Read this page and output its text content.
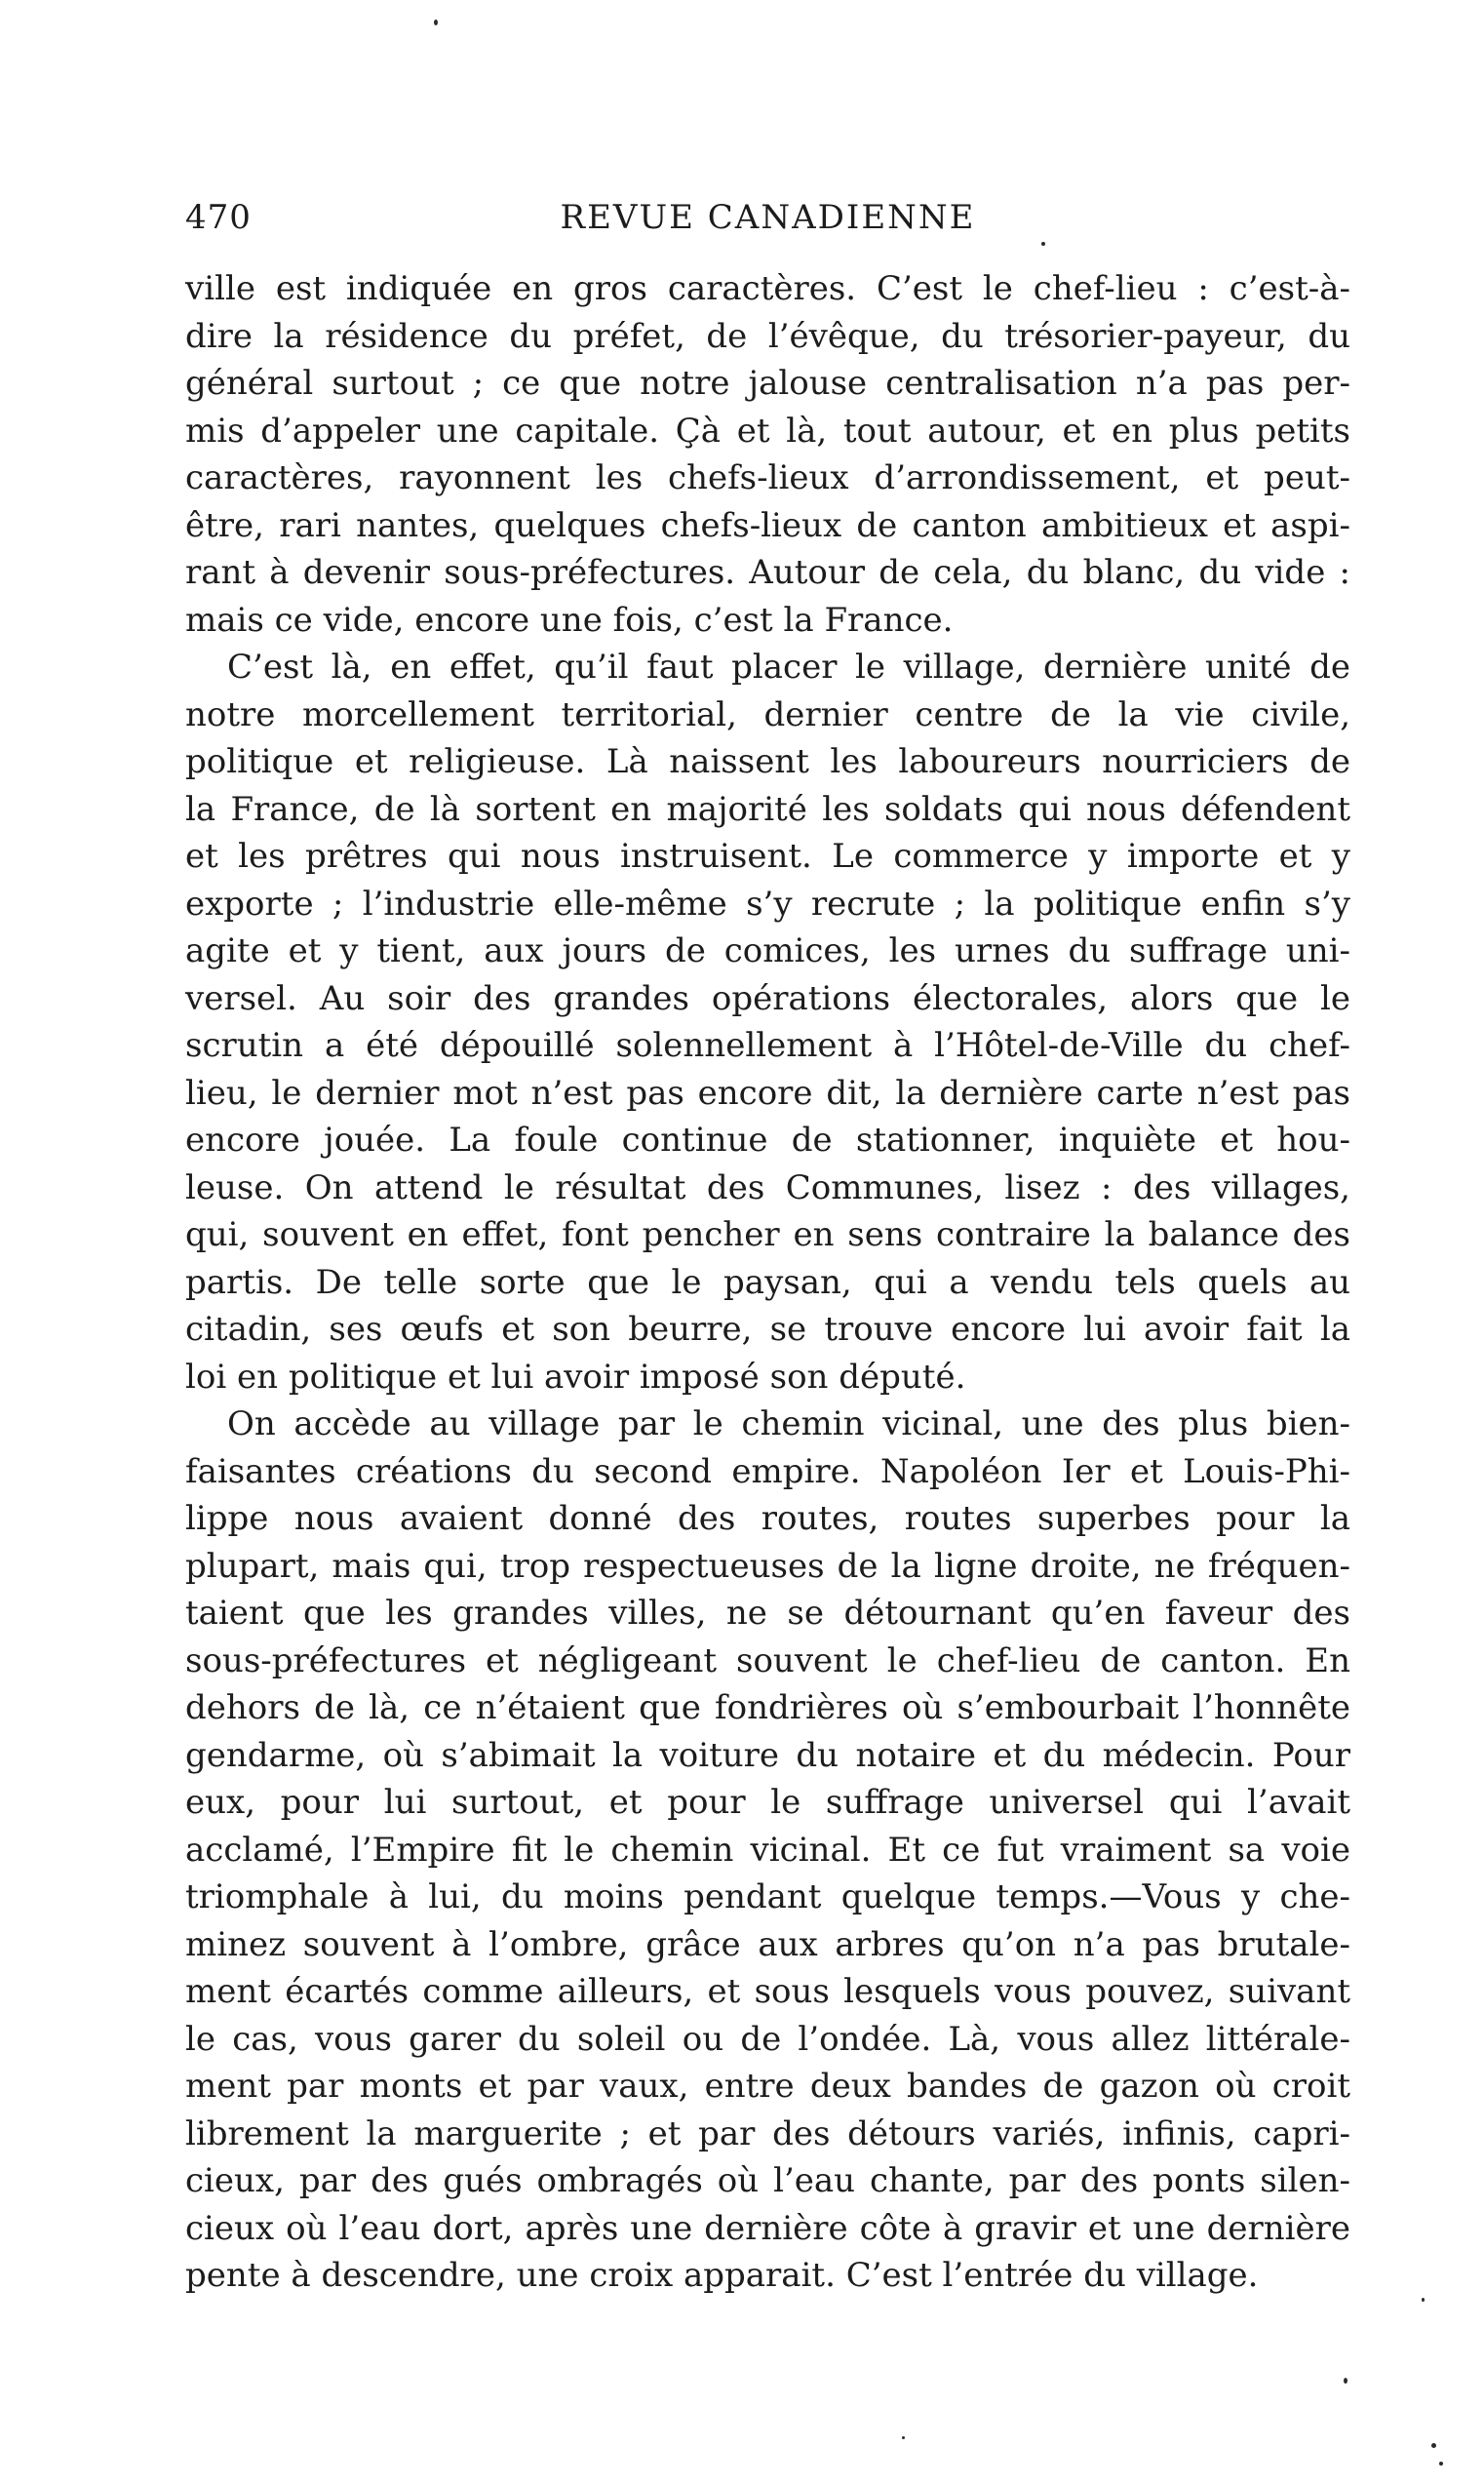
470	REVUE CANADIENNE
ville est indiquée en gros caractères. C’est le chef-lieu : c’est-à-
dire la résidence du préfet, de l’évêque, du trésorier-payeur, du
général surtout ; ce que notre jalouse centralisation n’a pas per-
mis d’appeler une capitale. Çà et là, tout autour, et en plus petits
caractères, rayonnent les chefs-lieux d’arrondissement, et peut-
être, rari nantes, quelques chefs-lieux de canton ambitieux et aspi-
rant à devenir sous-préfectures. Autour de cela, du blanc, du vide :
mais ce vide, encore une fois, c’est la France.
C’est là, en effet, qu’il faut placer le village, dernière unité de
notre morcellement territorial, dernier centre de la vie civile,
politique et religieuse. Là naissent les laboureurs nourriciers de
la France, de là sortent en majorité les soldats qui nous défendent
et les prêtres qui nous instruisent. Le commerce y importe et y
exporte ; l’industrie elle-même s’y recrute ; la politique enfin s’y
agite et y tient, aux jours de comices, les urnes du suffrage uni-
versel. Au soir des grandes opérations électorales, alors que le
scrutin a été dépouillé solennellement à l’Hôtel-de-Ville du chef-
lieu, le dernier mot n’est pas encore dit, la dernière carte n’est pas
encore jouée. La foule continue de stationner, inquiète et hou-
leuse. On attend le résultat des Communes, lisez : des villages,
qui, souvent en effet, font pencher en sens contraire la balance des
partis. De telle sorte que le paysan, qui a vendu tels quels au
citadin, ses œufs et son beurre, se trouve encore lui avoir fait la
loi en politique et lui avoir imposé son député.
On accède au village par le chemin vicinal, une des plus bien-
faisantes créations du second empire. Napoléon Ier et Louis-Phi-
lippe nous avaient donné des routes, routes superbes pour la
plupart, mais qui, trop respectueuses de la ligne droite, ne fréquen-
taient que les grandes villes, ne se détournant qu’en faveur des
sous-préfectures et négligeant souvent le chef-lieu de canton. En
dehors de là, ce n’étaient que fondrières où s’embourbait l’honnête
gendarme, où s’abimait la voiture du notaire et du médecin. Pour
eux, pour lui surtout, et pour le suffrage universel qui l’avait
acclamé, l’Empire fit le chemin vicinal. Et ce fut vraiment sa voie
triomphale à lui, du moins pendant quelque temps.—Vous y che-
minez souvent à l’ombre, grâce aux arbres qu’on n’a pas brutale-
ment écartés comme ailleurs, et sous lesquels vous pouvez, suivant
le cas, vous garer du soleil ou de l’ondée. Là, vous allez littérale-
ment par monts et par vaux, entre deux bandes de gazon où croit
librement la marguerite ; et par des détours variés, infinis, capri-
cieux, par des gués ombragés où l’eau chante, par des ponts silen-
cieux où l’eau dort, après une dernière côte à gravir et une dernière
pente à descendre, une croix apparait. C’est l’entrée du village.
